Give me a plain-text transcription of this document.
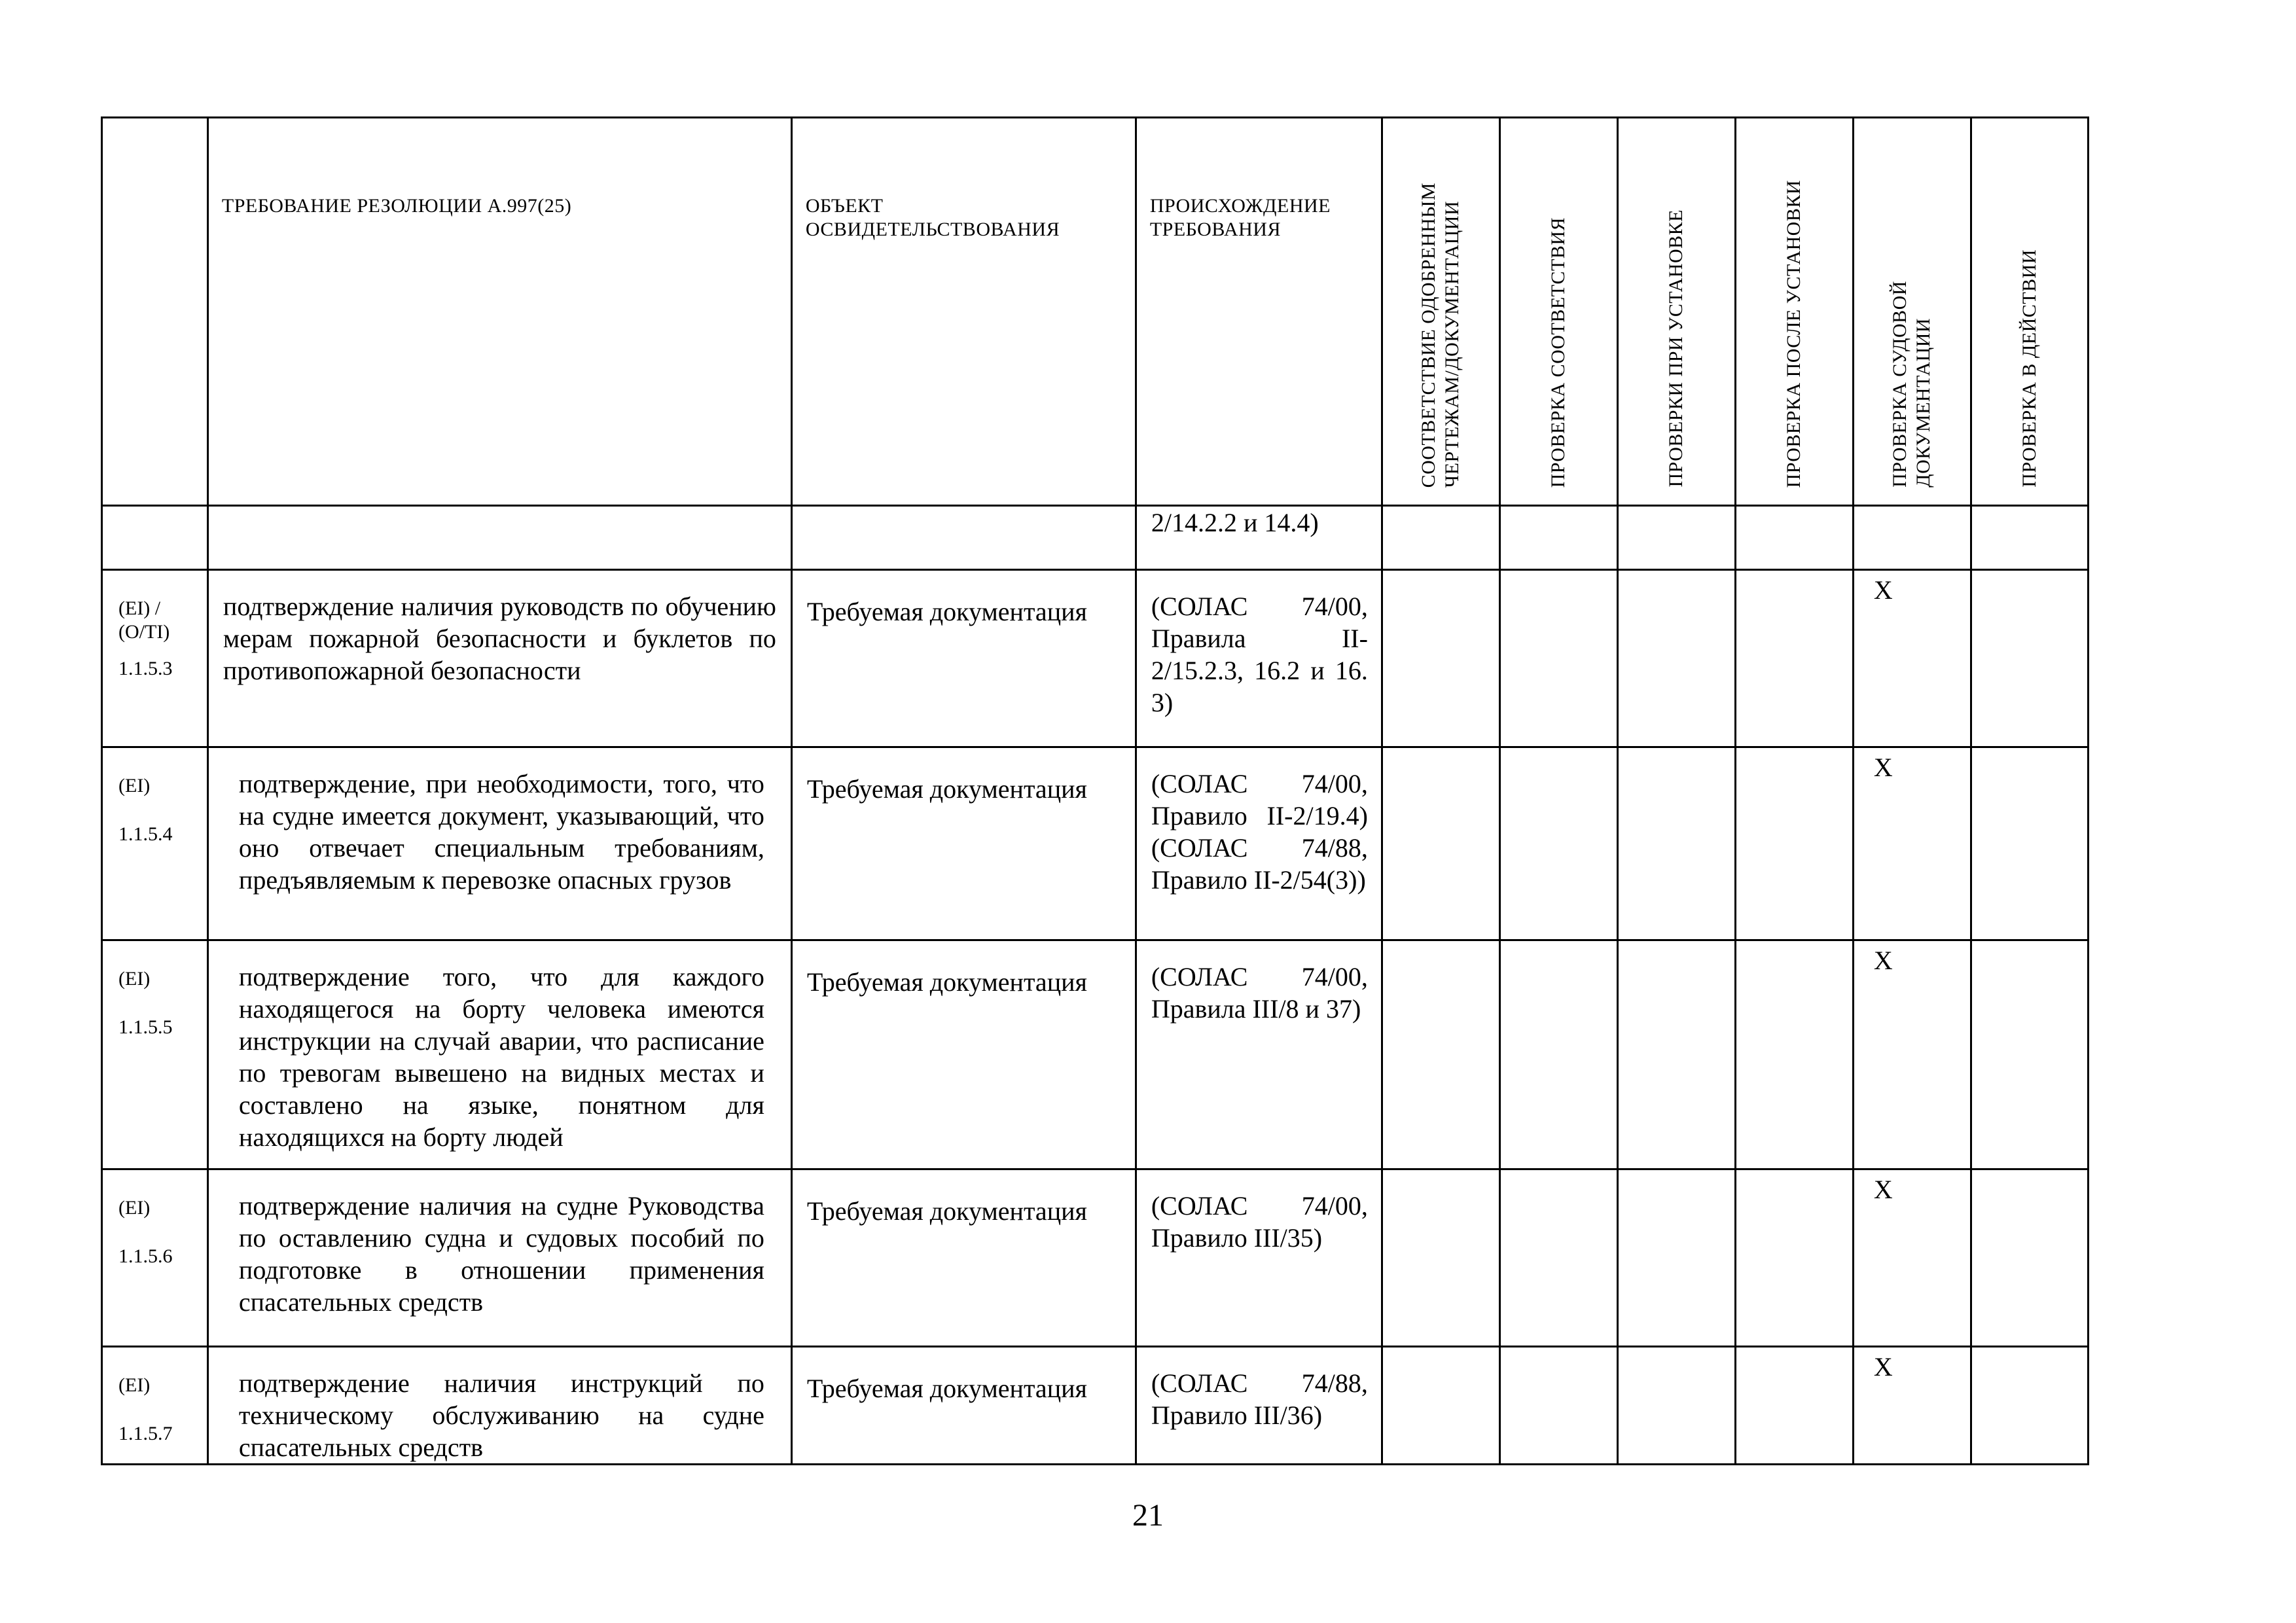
	ТРЕБОВАНИЕ РЕЗОЛЮЦИИ А.997(25)	ОБЪЕКТ ОСВИДЕТЕЛЬСТВОВАНИЯ	ПРОИСХОЖДЕНИЕ ТРЕБОВАНИЯ	СООТВЕТСТВИЕ ОДОБРЕННЫМ
ЧЕРТЕЖАМ/ДОКУМЕНТАЦИИ	ПРОВЕРКА СООТВЕТСТВИЯ	ПРОВЕРКИ ПРИ УСТАНОВКЕ	ПРОВЕРКА ПОСЛЕ УСТАНОВКИ	ПРОВЕРКА СУДОВОЙ
ДОКУМЕНТАЦИИ	ПРОВЕРКА В ДЕЙСТВИИ

			2/14.2.2 и 14.4)						

(EI) /
(O/TI)
1.1.5.3	подтверждение наличия руководств по обучению мерам пожарной безопасности и буклетов по противопожарной безопасности	Требуемая документация	(СОЛАС 74/00, Правила II-2/15.2.3, 16.2 и 16. 3)					X	

(EI)
1.1.5.4	подтверждение, при необходимости, того, что на судне имеется документ, указывающий, что оно отвечает специальным требованиям, предъявляемым к перевозке опасных грузов	Требуемая документация	(СОЛАС 74/00, Правило II-2/19.4) (СОЛАС 74/88, Правило II-2/54(3))					X	

(EI)
1.1.5.5	подтверждение того, что для каждого находящегося на борту человека имеются инструкции на случай аварии, что расписание по тревогам вывешено на видных местах и составлено на языке, понятном для находящихся на борту людей	Требуемая документация	(СОЛАС 74/00, Правила III/8 и 37)					X	

(EI)
1.1.5.6	подтверждение наличия на судне Руководства по оставлению судна и судовых пособий по подготовке в отношении применения спасательных средств	Требуемая документация	(СОЛАС 74/00, Правило III/35)					X	

(EI)
1.1.5.7	подтверждение наличия инструкций по техническому обслуживанию на судне спасательных средств	Требуемая документация	(СОЛАС 74/88, Правило III/36)					X	

21
